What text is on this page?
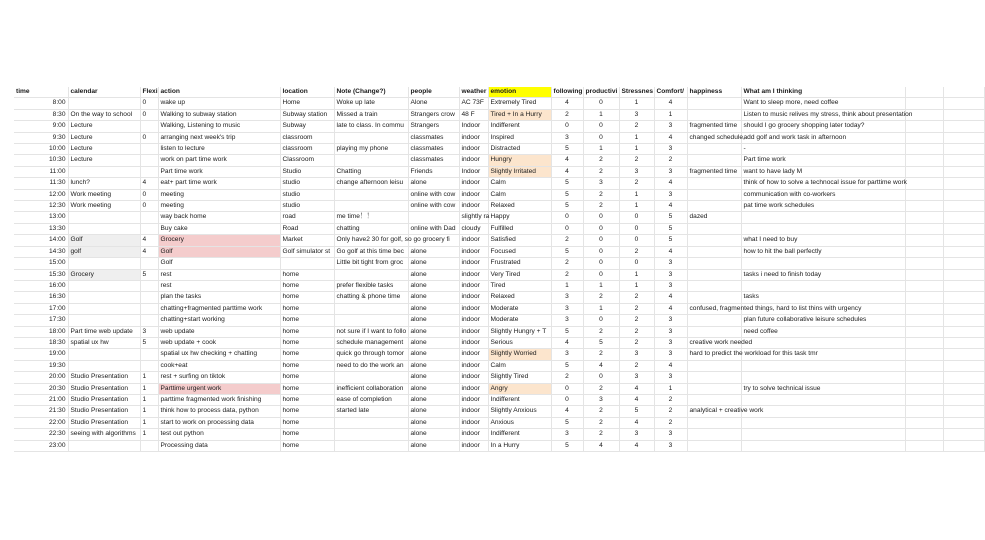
time	calendar	Flexi	action	location	Note (Change?)	people	weather	emotion	following	productivi	Stressnes	Comfort/	happiness	What am I thinking		
8:00		0	wake up	Home	Woke up late	Alone	AC 73F	Extremely Tired	4	0	1	4		Want to sleep more, need coffee		
8:30	On the way to school	0	Walking to subway station	Subway station	Missed a train	Strangers crow	48 F	Tired + In a Hurry	2	1	3	1		Listen to music relives my stress, think about presentation		
9:00	Lecture		Walking, Listening to music	Subway	late to class. In commu	Strangers	Indoor	Indifferent	0	0	2	3	fragmented time	should I go grocery shopping later today?		
9:30	Lecture	0	arranging next week's trip	classroom		classmates	indoor	Inspired	3	0	1	4	changed schedule,	add golf and work task in afternoon		
10:00	Lecture		listen to lecture	classroom	playing my phone	classmates	indoor	Distracted	5	1	1	3		-		
10:30	Lecture		work on part time work	Classroom		classmates	indoor	Hungry	4	2	2	2		Part time work		
11:00			Part time work	Studio	Chatting	Friends	Indoor	Slightly Irritated	4	2	3	3	fragmented time	want to have lady M		
11:30	lunch?	4	eat+ part time work	studio	change afternoon leisu	alone	indoor	Calm	5	3	2	4		think of how to solve a technocal issue for parttime work		
12:00	Work meeting	0	meeting	studio		online with cow	indoor	Calm	5	2	1	3		communication with co-workers		
12:30	Work meeting	0	meeting	studio		online with cow	indoor	Relaxed	5	2	1	4		pat time work schedules		
13:00			way back home	road	me time！！		slightly ra	Happy	0	0	0	5	dazed			
13:30			Buy cake	Road	chatting	online with Dad	cloudy	Fulfilled	0	0	0	5				
14:00	Golf	4	Grocery	Market	Only have2 30 for golf, so go grocery fi		indoor	Satisfied	2	0	0	5		what I need to buy		
14:30	golf	4	Golf	Golf simulator st	Go golf at this time bec	alone	indoor	Focused	5	0	2	4		how to hit the ball perfectly		
15:00			Golf		Little bit tight from groc	alone	indoor	Frustrated	2	0	0	3				
15:30	Grocery	5	rest	home		alone	indoor	Very Tired	2	0	1	3		tasks i need to finish today		
16:00			rest	home	prefer flexible tasks	alone	indoor	Tired	1	1	1	3				
16:30			plan the tasks	home	chatting & phone time	alone	indoor	Relaxed	3	2	2	4		tasks		
17:00			chatting+fragmented parttime work	home		alone	indoor	Moderate	3	1	2	4	confused, fragmented things, hard to list thins with urgency			
17:30			chatting+start working	home		alone	indoor	Moderate	3	0	2	3		plan future collaborative leisure schedules		
18:00	Part time web update	3	web update	home	not sure if I want to follo	alone	indoor	Slightly Hungry + T	5	2	2	3		need coffee		
18:30	spatial ux hw	5	web update + cook	home	schedule management	alone	indoor	Serious	4	5	2	3	creative work needed			
19:00			spatial ux hw checking + chatting	home	quick go through tomor	alone	indoor	Slightly Worried	3	2	3	3	hard to predict the workload for this task tmr			
19:30			cook+eat	home	need to do the work an	alone	indoor	Calm	5	4	2	4				
20:00	Studio Presentation	1	rest + surfing on tiktok	home		alone	indoor	Slightly Tired	2	0	3	3				
20:30	Studio Presentation	1	Parttime urgent work	home	inefficient collaboration	alone	indoor	Angry	0	2	4	1		try to solve technical issue		
21:00	Studio Presentation	1	parttime fragmented work finishing	home	ease of completion	alone	indoor	Indifferent	0	3	4	2				
21:30	Studio Presentation	1	think how to process data, python	home	started late	alone	indoor	Slightly Anxious	4	2	5	2	analytical + creative work			
22:00	Studio Presentation	1	start to work on processing data	home		alone	indoor	Anxious	5	2	4	2				
22:30	seeing with algorithms	1	test out python	home		alone	indoor	Indifferent	3	2	3	3				
23:00			Processing data	home		alone	indoor	In a Hurry	5	4	4	3				
